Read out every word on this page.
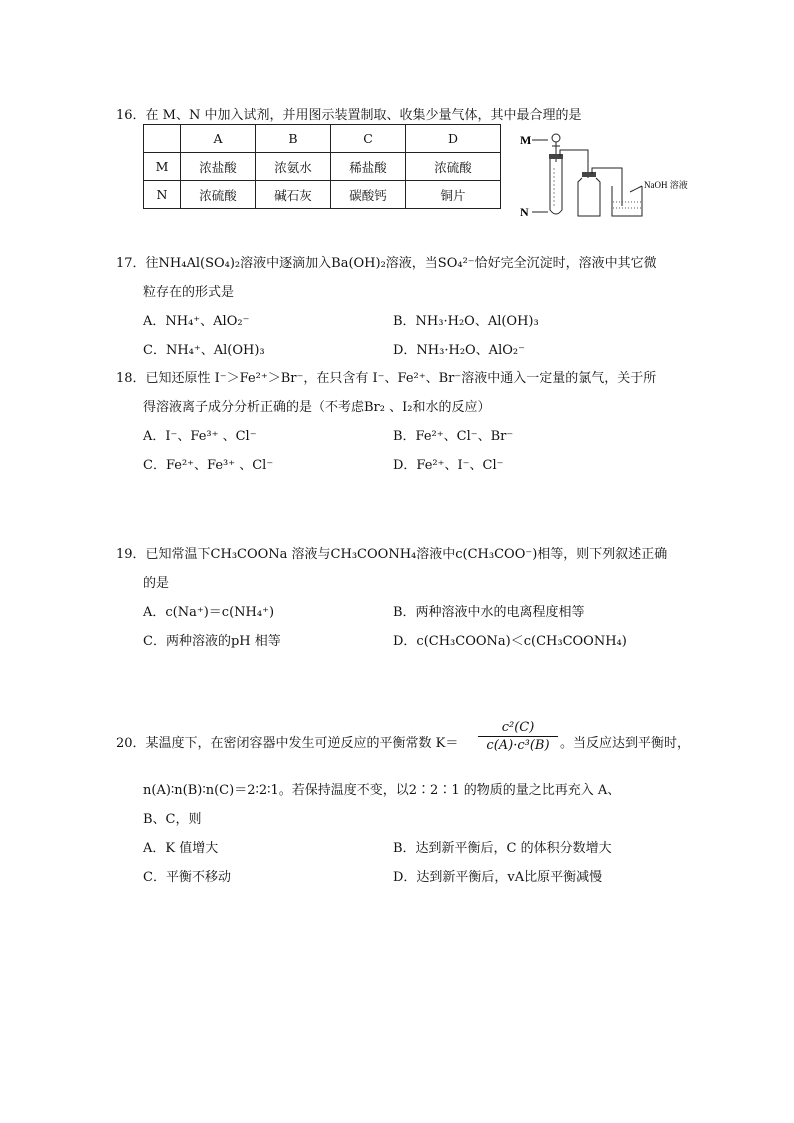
16．在 M、N 中加入试剂，并用图示装置制取、收集少量气体，其中最合理的是
	A	B	C	D
M	浓盐酸	浓氨水	稀盐酸	浓硫酸
N	浓硫酸	碱石灰	碳酸钙	铜片
M
N
NaOH 溶液
17．往NH₄Al(SO₄)₂溶液中逐滴加入Ba(OH)₂溶液，当SO₄²⁻恰好完全沉淀时，溶液中其它微
粒存在的形式是
A．NH₄⁺、AlO₂⁻	B．NH₃·H₂O、Al(OH)₃
C．NH₄⁺、Al(OH)₃	D．NH₃·H₂O、AlO₂⁻
18．已知还原性 I⁻＞Fe²⁺＞Br⁻，在只含有 I⁻、Fe²⁺、Br⁻溶液中通入一定量的氯气，关于所
得溶液离子成分分析正确的是（不考虑Br₂ 、I₂和水的反应）
A．I⁻、Fe³⁺ 、Cl⁻	B．Fe²⁺、Cl⁻、Br⁻
C．Fe²⁺、Fe³⁺ 、Cl⁻	D．Fe²⁺、I⁻、Cl⁻
19．已知常温下CH₃COONa 溶液与CH₃COONH₄溶液中c(CH₃COO⁻)相等，则下列叙述正确
的是
A．c(Na⁺)＝c(NH₄⁺)	B．两种溶液中水的电离程度相等
C．两种溶液的pH 相等	D．c(CH₃COONa)＜c(CH₃COONH₄)
20．某温度下，在密闭容器中发生可逆反应的平衡常数 $K= \frac{\text{c²(C)}}{\text{c(A)·c³(B)}}$ 。当反应达到平衡时，
n(A)∶n(B)∶n(C)＝2∶2∶1。若保持温度不变，以2∶2∶1 的物质的量之比再充入 A、
B、C，则
A．K 值增大	B．达到新平衡后，C 的体积分数增大
C．平衡不移动	D．达到新平衡后，vA比原平衡减慢
